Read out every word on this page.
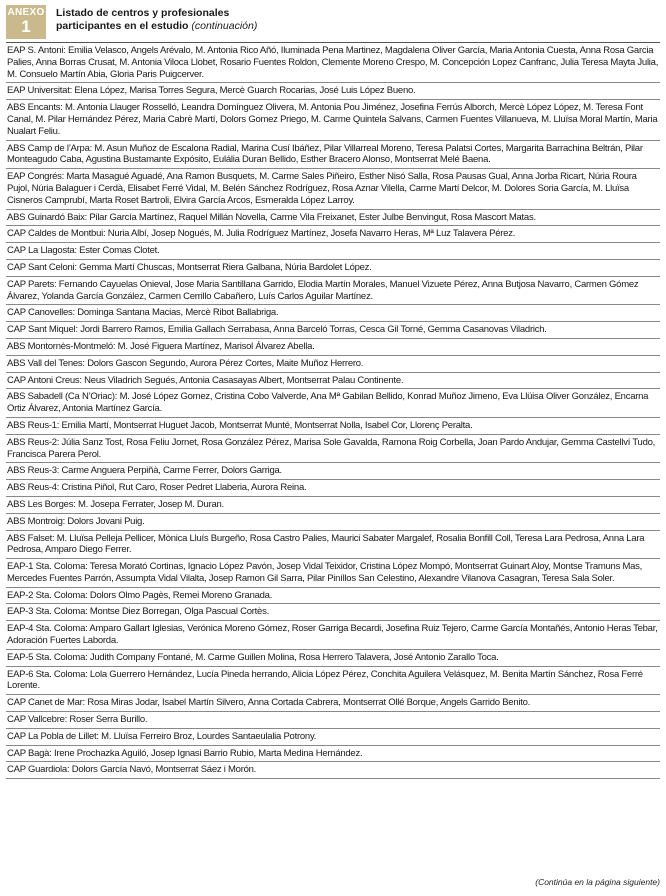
ANEXO
1
Listado de centros y profesionales
participantes en el estudio (continuación)
EAP S. Antoni: Emilia Velasco, Angels Arévalo, M. Antonia Rico Añó, Iluminada Pena Martinez, Magdalena Oliver García, Maria Antonia Cuesta, Anna Rosa Garcia Palies, Anna Borras Crusat, M. Antonia Viloca Llobet, Rosario Fuentes Roldon, Clemente Moreno Crespo, M. Concepción Lopez Canfranc, Julia Teresa Mayta Julia, M. Consuelo Martín Abia, Gloria Paris Puigcerver.
EAP Universitat: Elena López, Marisa Torres Segura, Mercè Guarch Rocarias, José Luis López Bueno.
ABS Encants: M. Antonia Llauger Rosselló, Leandra Domínguez Olivera, M. Antonia Pou Jiménez, Josefina Ferrús Alborch, Mercè López López, M. Teresa Font Canal, M. Pilar Hernández Pérez, Maria Cabrè Martí, Dolors Gomez Priego, M. Carme Quintela Salvans, Carmen Fuentes Villanueva, M. Lluïsa Moral Martín, Maria Nualart Feliu.
ABS Camp de l’Arpa: M. Asun Muñoz de Escalona Radial, Marina Cusí Ibáñez, Pilar Villarreal Moreno, Teresa Palatsi Cortes, Margarita Barrachina Beltrán, Pilar Monteagudo Caba, Agustina Bustamante Expósito, Eulália Duran Bellido, Esther Bracero Alonso, Montserrat Melé Baena.
EAP Congrés: Marta Masagué Aguadé, Ana Ramon Busquets, M. Carme Sales Piñeiro, Esther Nisó Salla, Rosa Pausas Gual, Anna Jorba Ricart, Núria Roura Pujol, Núria Balaguer i Cerdà, Elisabet Ferré Vidal, M. Belén Sánchez Rodríguez, Rosa Aznar Vilella, Carme Martí Delcor, M. Dolores Soria García, M. Lluïsa Cisneros Camprubí, Marta Roset Bartroli, Elvira García Arcos, Esmeralda López Larroy.
ABS Guinardó Baix: Pilar García Martínez, Raquel Millán Novella, Carme Vila Freixanet, Ester Julbe Benvingut, Rosa Mascort Matas.
CAP Caldes de Montbui: Nuria Albí, Josep Nogués, M. Julia Rodríguez Martínez, Josefa Navarro Heras, Mª Luz Talavera Pérez.
CAP La Llagosta: Ester Comas Clotet.
CAP Sant Celoni: Gemma Martí Chuscas, Montserrat Riera Galbana, Núria Bardolet López.
CAP Parets: Fernando Cayuelas Onieval, Jose Maria Santillana Garrido, Elodia Martín Morales, Manuel Vizuete Pérez, Anna Butjosa Navarro, Carmen Gómez Álvarez, Yolanda García González, Carmen Cerrillo Cabañero, Luís Carlos Aguilar Martínez.
CAP Canovelles: Dominga Santana Macias, Mercè Ribot Ballabriga.
CAP Sant Miquel: Jordi Barrero Ramos, Emilia Gallach Serrabasa, Anna Barceló Torras, Cesca Gil Torné, Gemma Casanovas Viladrich.
ABS Montornès-Montmeló: M. José Figuera Martínez, Marisol Álvarez Abella.
ABS Vall del Tenes: Dolors Gascon Segundo, Aurora Pérez Cortes, Maite Muñoz Herrero.
CAP Antoni Creus: Neus Viladrich Segués, Antonia Casasayas Albert, Montserrat Palau Continente.
ABS Sabadell (Ca N’Oriac): M. José López Gomez, Cristina Cobo Valverde, Ana Mª Gabilan Bellido, Konrad Muñoz Jimeno, Eva Llüisa Oliver González, Encarna Ortiz Álvarez, Antonia Martínez García.
ABS Reus-1: Emilia Martí, Montserrat Huguet Jacob, Montserrat Munté, Montserrat Nolla, Isabel Cor, Llorenç Peralta.
ABS Reus-2: Júlia Sanz Tost, Rosa Feliu Jornet, Rosa González Pérez, Marisa Sole Gavalda, Ramona Roig Corbella, Joan Pardo Andujar, Gemma Castellví Tudo, Francisca Parera Perol.
ABS Reus-3: Carme Anguera Perpiñà, Carme Ferrer, Dolors Garriga.
ABS Reus-4: Cristina Piñol, Rut Caro, Roser Pedret Llaberia, Aurora Reina.
ABS Les Borges: M. Josepa Ferrater, Josep M. Duran.
ABS Montroig: Dolors Jovani Puig.
ABS Falset: M. Lluïsa Pelleja Pellicer, Mònica Lluís Burgeño, Rosa Castro Palies, Maurici Sabater Margalef, Rosalia Bonfill Coll, Teresa Lara Pedrosa, Anna Lara Pedrosa, Amparo Diego Ferrer.
EAP-1 Sta. Coloma: Teresa Morató Cortinas, Ignacio López Pavón, Josep Vidal Teixidor, Cristina López Mompó, Montserrat Guinart Aloy, Montse Tramuns Mas, Mercedes Fuentes Parrón, Assumpta Vidal Vilalta, Josep Ramon Gil Sarra, Pilar Piníllos San Celestino, Alexandre Vilanova Casagran, Teresa Sala Soler.
EAP-2 Sta. Coloma: Dolors Olmo Pagès, Remei Moreno Granada.
EAP-3 Sta. Coloma: Montse Diez Borregan, Olga Pascual Cortès.
EAP-4 Sta. Coloma: Amparo Gallart Iglesias, Verónica Moreno Gómez, Roser Garriga Becardi, Josefina Ruiz Tejero, Carme García Montañés, Antonio Heras Tebar, Adoración Fuertes Laborda.
EAP-5 Sta. Coloma: Judith Company Fontané, M. Carme Guillen Molina, Rosa Herrero Talavera, José Antonio Zarallo Toca.
EAP-6 Sta. Coloma: Lola Guerrero Hernández, Lucía Pineda herrando, Alicia López Pérez, Conchita Aguilera Velásquez, M. Benita Martín Sánchez, Rosa Ferré Lorente.
CAP Canet de Mar: Rosa Miras Jodar, Isabel Martín Silvero, Anna Cortada Cabrera, Montserrat Ollé Borque, Angels Garrido Benito.
CAP Vallcebre: Roser Serra Burillo.
CAP La Pobla de Lillet: M. Lluïsa Ferreiro Broz, Lourdes Santaeulalia Potrony.
CAP Bagà: Irene Prochazka Aguiló, Josep Ignasi Barrio Rubio, Marta Medina Hernández.
CAP Guardiola: Dolors García Navó, Montserrat Sáez i Morón.
(Continúa en la página siguiente)
